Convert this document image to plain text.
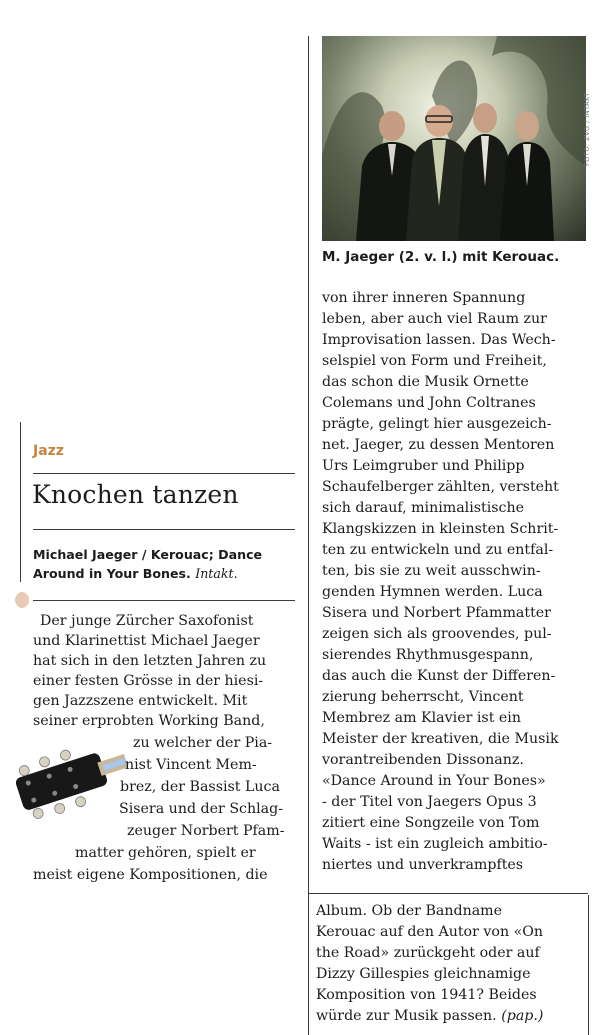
FOTO: ZVG / INTAKT
M. Jaeger (2. v. l.) mit Kerouac.
Jazz
Knochen tanzen
Michael Jaeger / Kerouac; Dance Around in Your Bones. Intakt.
Der junge Zürcher Saxofonist
und Klarinettist Michael Jaeger
hat sich in den letzten Jahren zu
einer festen Grösse in der hiesi-
gen Jazzszene entwickelt. Mit
seiner erprobten Working Band,
zu welcher der Pia-
nist Vincent Mem-
brez, der Bassist Luca
Sisera und der Schlag-
zeuger Norbert Pfam-
matter gehören, spielt er
meist eigene Kompositionen, die
von ihrer inneren Spannung
leben, aber auch viel Raum zur
Improvisation lassen. Das Wech-
selspiel von Form und Freiheit,
das schon die Musik Ornette
Colemans und John Coltranes
prägte, gelingt hier ausgezeich-
net. Jaeger, zu dessen Mentoren
Urs Leimgruber und Philipp
Schaufelberger zählten, versteht
sich darauf, minimalistische
Klangskizzen in kleinsten Schrit-
ten zu entwickeln und zu entfal-
ten, bis sie zu weit ausschwin-
genden Hymnen werden. Luca
Sisera und Norbert Pfammatter
zeigen sich als groovendes, pul-
sierendes Rhythmusgespann,
das auch die Kunst der Differen-
zierung beherrscht, Vincent
Membrez am Klavier ist ein
Meister der kreativen, die Musik
vorantreibenden Dissonanz.
«Dance Around in Your Bones»
- der Titel von Jaegers Opus 3
zitiert eine Songzeile von Tom
Waits - ist ein zugleich ambitio-
niertes und unverkrampftes
Album. Ob der Bandname
Kerouac auf den Autor von «On
the Road» zurückgeht oder auf
Dizzy Gillespies gleichnamige
Komposition von 1941? Beides
würde zur Musik passen. (pap.)
